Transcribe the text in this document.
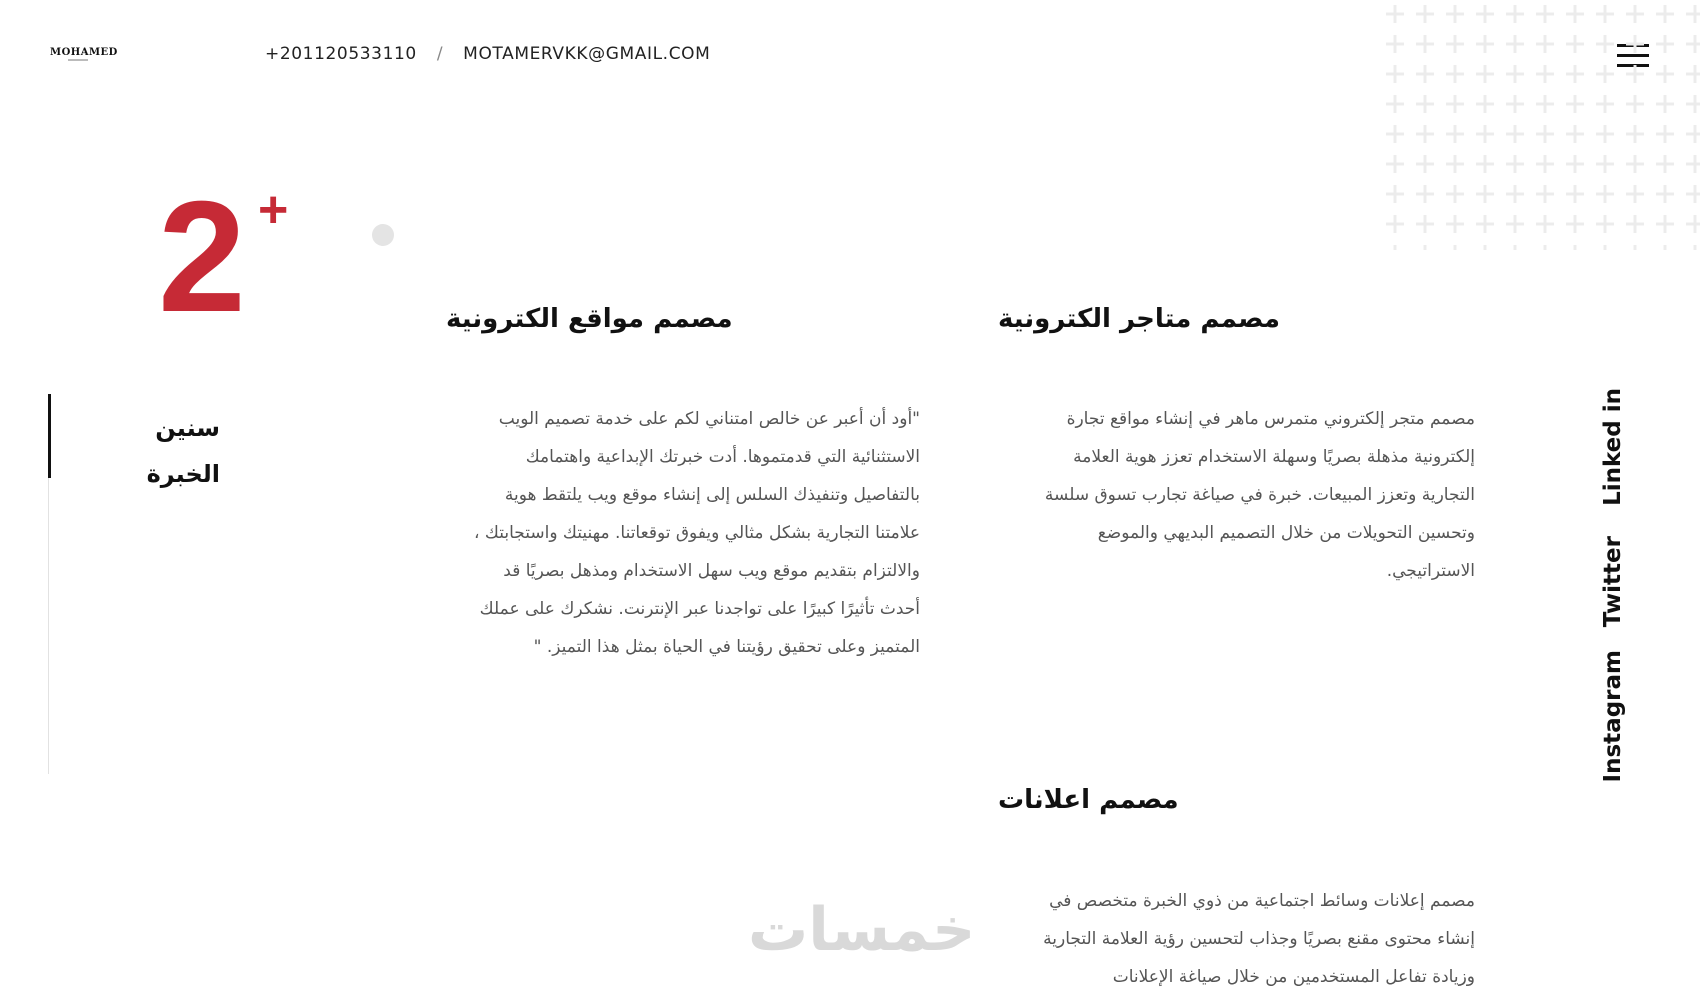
MOHAMED	+201120533110 / MOTAMERVKK@GMAIL.COM
2 +
سنين
الخبرة
مصمم مواقع الكترونية
"أود أن أعبر عن خالص امتناني لكم على خدمة تصميم الويب الاستثنائية التي قدمتموها. أدت خبرتك الإبداعية واهتمامك بالتفاصيل وتنفيذك السلس إلى إنشاء موقع ويب يلتقط هوية علامتنا التجارية بشكل مثالي ويفوق توقعاتنا. مهنيتك واستجابتك ، والالتزام بتقديم موقع ويب سهل الاستخدام ومذهل بصريًا قد أحدث تأثيرًا كبيرًا على تواجدنا عبر الإنترنت. نشكرك على عملك المتميز وعلى تحقيق رؤيتنا في الحياة بمثل هذا التميز. "
مصمم متاجر الكترونية
مصمم متجر إلكتروني متمرس ماهر في إنشاء مواقع تجارة إلكترونية مذهلة بصريًا وسهلة الاستخدام تعزز هوية العلامة التجارية وتعزز المبيعات. خبرة في صياغة تجارب تسوق سلسة وتحسين التحويلات من خلال التصميم البديهي والموضع الاستراتيجي.
مصمم اعلانات
مصمم إعلانات وسائط اجتماعية من ذوي الخبرة متخصص في إنشاء محتوى مقنع بصريًا وجذاب لتحسين رؤية العلامة التجارية وزيادة تفاعل المستخدمين من خلال صياغة الإعلانات
Linked in
Twitter
Instagram
خمسات
